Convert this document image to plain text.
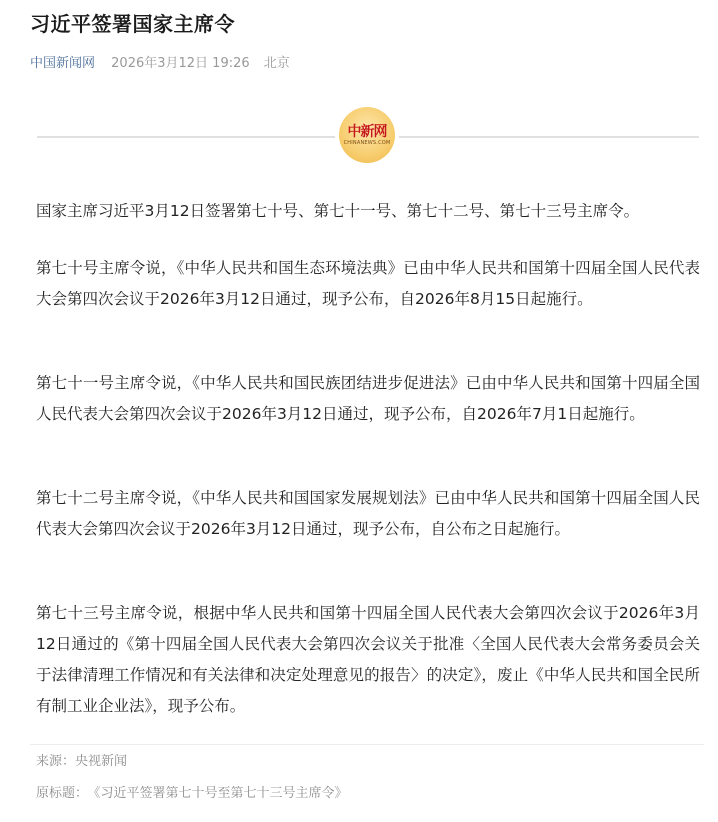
习近平签署国家主席令
中国新闻网 2026年3月12日 19:26 北京
中新网
CHINANEWS.COM

国家主席习近平3月12日签署第七十号、第七十一号、第七十二号、第七十三号主席令。

第七十号主席令说，《中华人民共和国生态环境法典》已由中华人民共和国第十四届全国人民代表大会第四次会议于2026年3月12日通过，现予公布，自2026年8月15日起施行。

第七十一号主席令说，《中华人民共和国民族团结进步促进法》已由中华人民共和国第十四届全国人民代表大会第四次会议于2026年3月12日通过，现予公布，自2026年7月1日起施行。

第七十二号主席令说，《中华人民共和国国家发展规划法》已由中华人民共和国第十四届全国人民代表大会第四次会议于2026年3月12日通过，现予公布，自公布之日起施行。

第七十三号主席令说，根据中华人民共和国第十四届全国人民代表大会第四次会议于2026年3月12日通过的《第十四届全国人民代表大会第四次会议关于批准〈全国人民代表大会常务委员会关于法律清理工作情况和有关法律和决定处理意见的报告〉的决定》，废止《中华人民共和国全民所有制工业企业法》，现予公布。

来源：央视新闻
原标题： 《习近平签署第七十号至第七十三号主席令》
